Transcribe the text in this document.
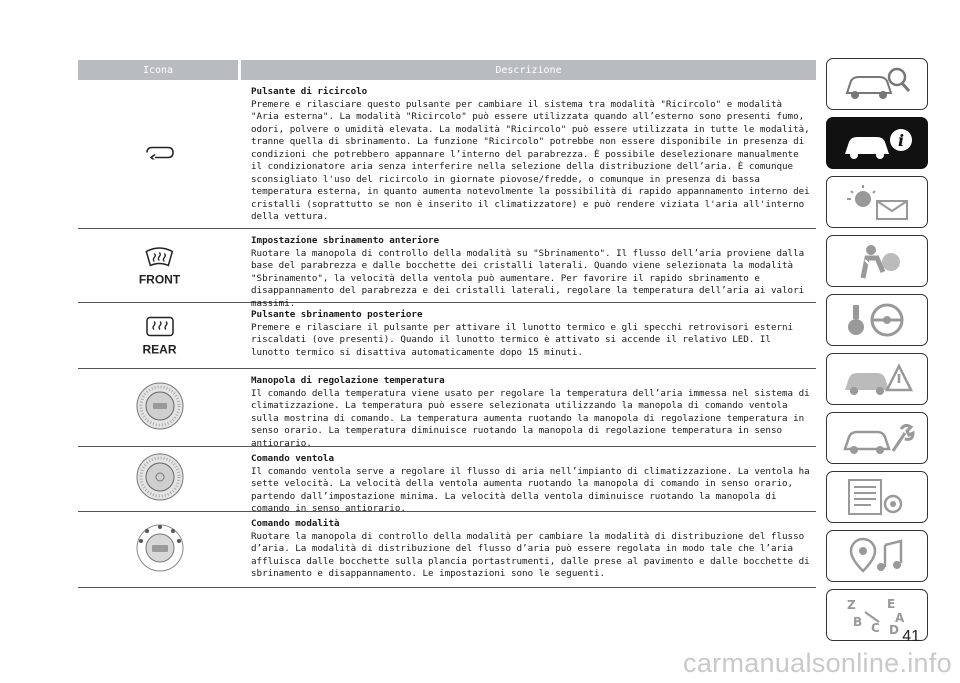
Icona	Descrizione
Pulsante di ricircolo

Premere e rilasciare questo pulsante per cambiare il sistema tra modalità "Ricircolo" e modalità "Aria esterna". La modalità "Ricircolo" può essere utilizzata quando all’esterno sono presenti fumo, odori, polvere o umidità elevata. La modalità "Ricircolo" può essere utilizzata in tutte le modalità, tranne quella di sbrinamento. La funzione "Ricircolo" potrebbe non essere disponibile in presenza di condizioni che potrebbero appannare l’interno del parabrezza. È possibile deselezionare manualmente il condizionatore aria senza interferire nella selezione della distribuzione dell’aria. È comunque sconsigliato l'uso del ricircolo in giornate piovose/fredde, o comunque in presenza di bassa temperatura esterna, in quanto aumenta notevolmente la possibilità di rapido appannamento interno dei cristalli (soprattutto se non è inserito il climatizzatore) e può rendere viziata l'aria all'interno della vettura.

FRONT
Impostazione sbrinamento anteriore

Ruotare la manopola di controllo della modalità su "Sbrinamento". Il flusso dell’aria proviene dalla base del parabrezza e dalle bocchette dei cristalli laterali. Quando viene selezionata la modalità "Sbrinamento", la velocità della ventola può aumentare. Per favorire il rapido sbrinamento e disappannamento del parabrezza e dei cristalli laterali, regolare la temperatura dell’aria ai valori massimi.

REAR
Pulsante sbrinamento posteriore

Premere e rilasciare il pulsante per attivare il lunotto termico e gli specchi retrovisori esterni riscaldati (ove presenti). Quando il lunotto termico è attivato si accende il relativo LED. Il lunotto termico si disattiva automaticamente dopo 15 minuti.

Manopola di regolazione temperatura

Il comando della temperatura viene usato per regolare la temperatura dell’aria immessa nel sistema di climatizzazione. La temperatura può essere selezionata utilizzando la manopola di comando ventola sulla mostrina di comando. La temperatura aumenta ruotando la manopola di regolazione temperatura in senso orario. La temperatura diminuisce ruotando la manopola di regolazione temperatura in senso antiorario.

Comando ventola

Il comando ventola serve a regolare il flusso di aria nell’impianto di climatizzazione. La ventola ha sette velocità. La velocità della ventola aumenta ruotando la manopola di comando in senso orario, partendo dall’impostazione minima. La velocità della ventola diminuisce ruotando la manopola di comando in senso antiorario.

Comando modalità

Ruotare la manopola di controllo della modalità per cambiare la modalità di distribuzione del flusso d’aria. La modalità di distribuzione del flusso d’aria può essere regolata in modo tale che l’aria affluisca dalle bocchette sulla plancia portastrumenti, dalle prese al pavimento e dalle bocchette di sbrinamento e disappannamento. Le impostazioni sono le seguenti.

i
Z	E
B C
A
D 41
carmanualsonline.info
